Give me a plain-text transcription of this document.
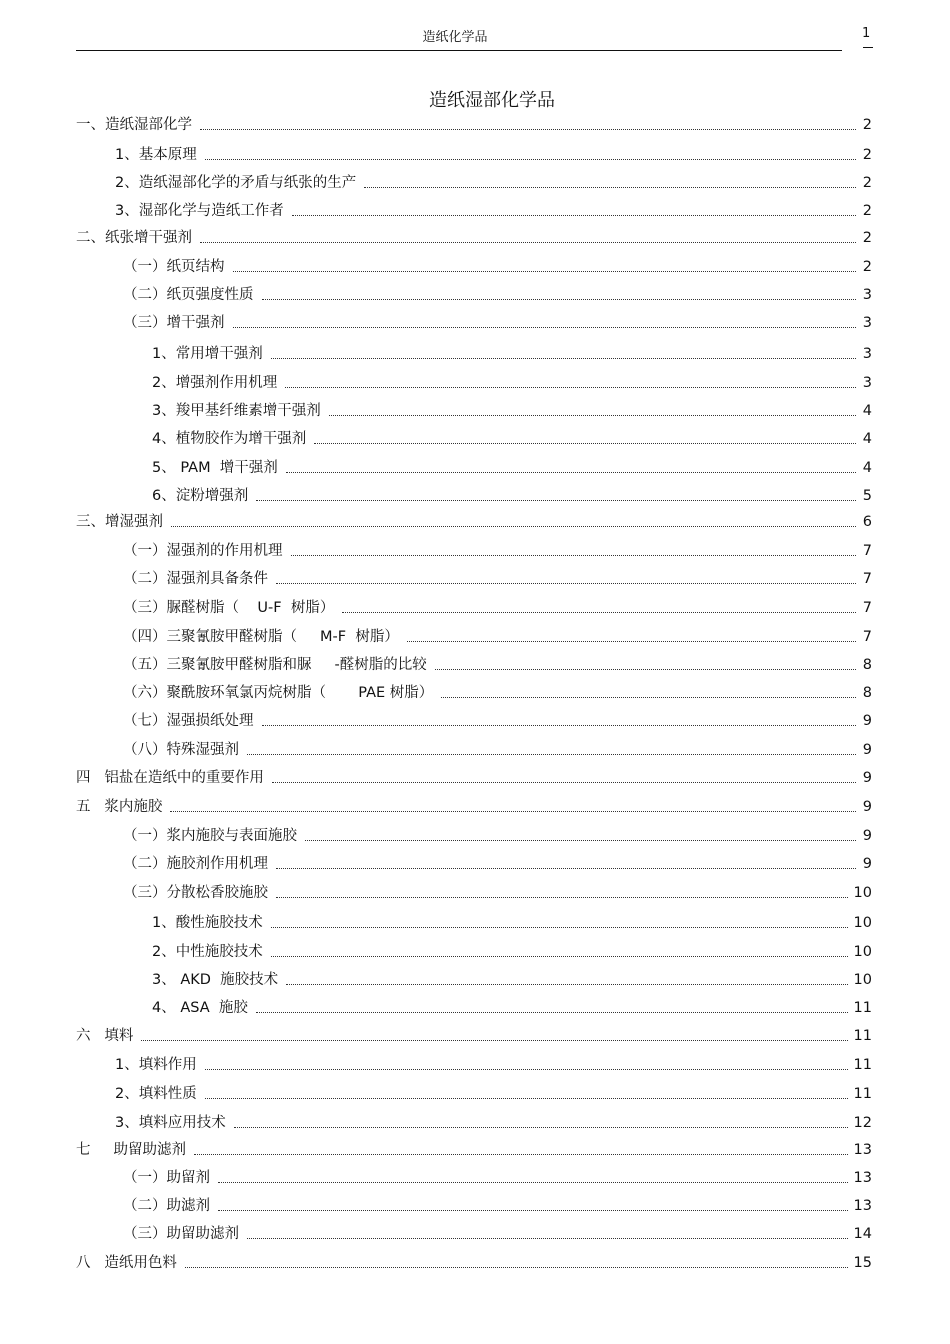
造纸化学品	1
造纸湿部化学品
一、造纸湿部化学	2
1、基本原理	2
2、造纸湿部化学的矛盾与纸张的生产	2
3、湿部化学与造纸工作者	2
二、纸张增干强剂	2
（一）纸页结构	2
（二）纸页强度性质	3
（三）增干强剂	3
1、常用增干强剂	3
2、增强剂作用机理	3
3、羧甲基纤维素增干强剂	4
4、植物胶作为增干强剂	4
5、 PAM  增干强剂	4
6、淀粉增强剂	5
三、增湿强剂	6
（一）湿强剂的作用机理	7
（二）湿强剂具备条件	7
（三）脲醛树脂（    U-F  树脂）	7
（四）三聚氰胺甲醛树脂（     M-F  树脂）	7
（五）三聚氰胺甲醛树脂和脲     -醛树脂的比较	8
（六）聚酰胺环氧氯丙烷树脂（       PAE 树脂）	8
（七）湿强损纸处理	9
（八）特殊湿强剂	9
四   铝盐在造纸中的重要作用	9
五   浆内施胶	9
（一）浆内施胶与表面施胶	9
（二）施胶剂作用机理	9
（三）分散松香胶施胶	10
1、酸性施胶技术	10
2、中性施胶技术	10
3、 AKD  施胶技术	10
4、 ASA  施胶	11
六   填料	11
1、填料作用	11
2、填料性质	11
3、填料应用技术	12
七     助留助滤剂	13
（一）助留剂	13
（二）助滤剂	13
（三）助留助滤剂	14
八   造纸用色料	15
